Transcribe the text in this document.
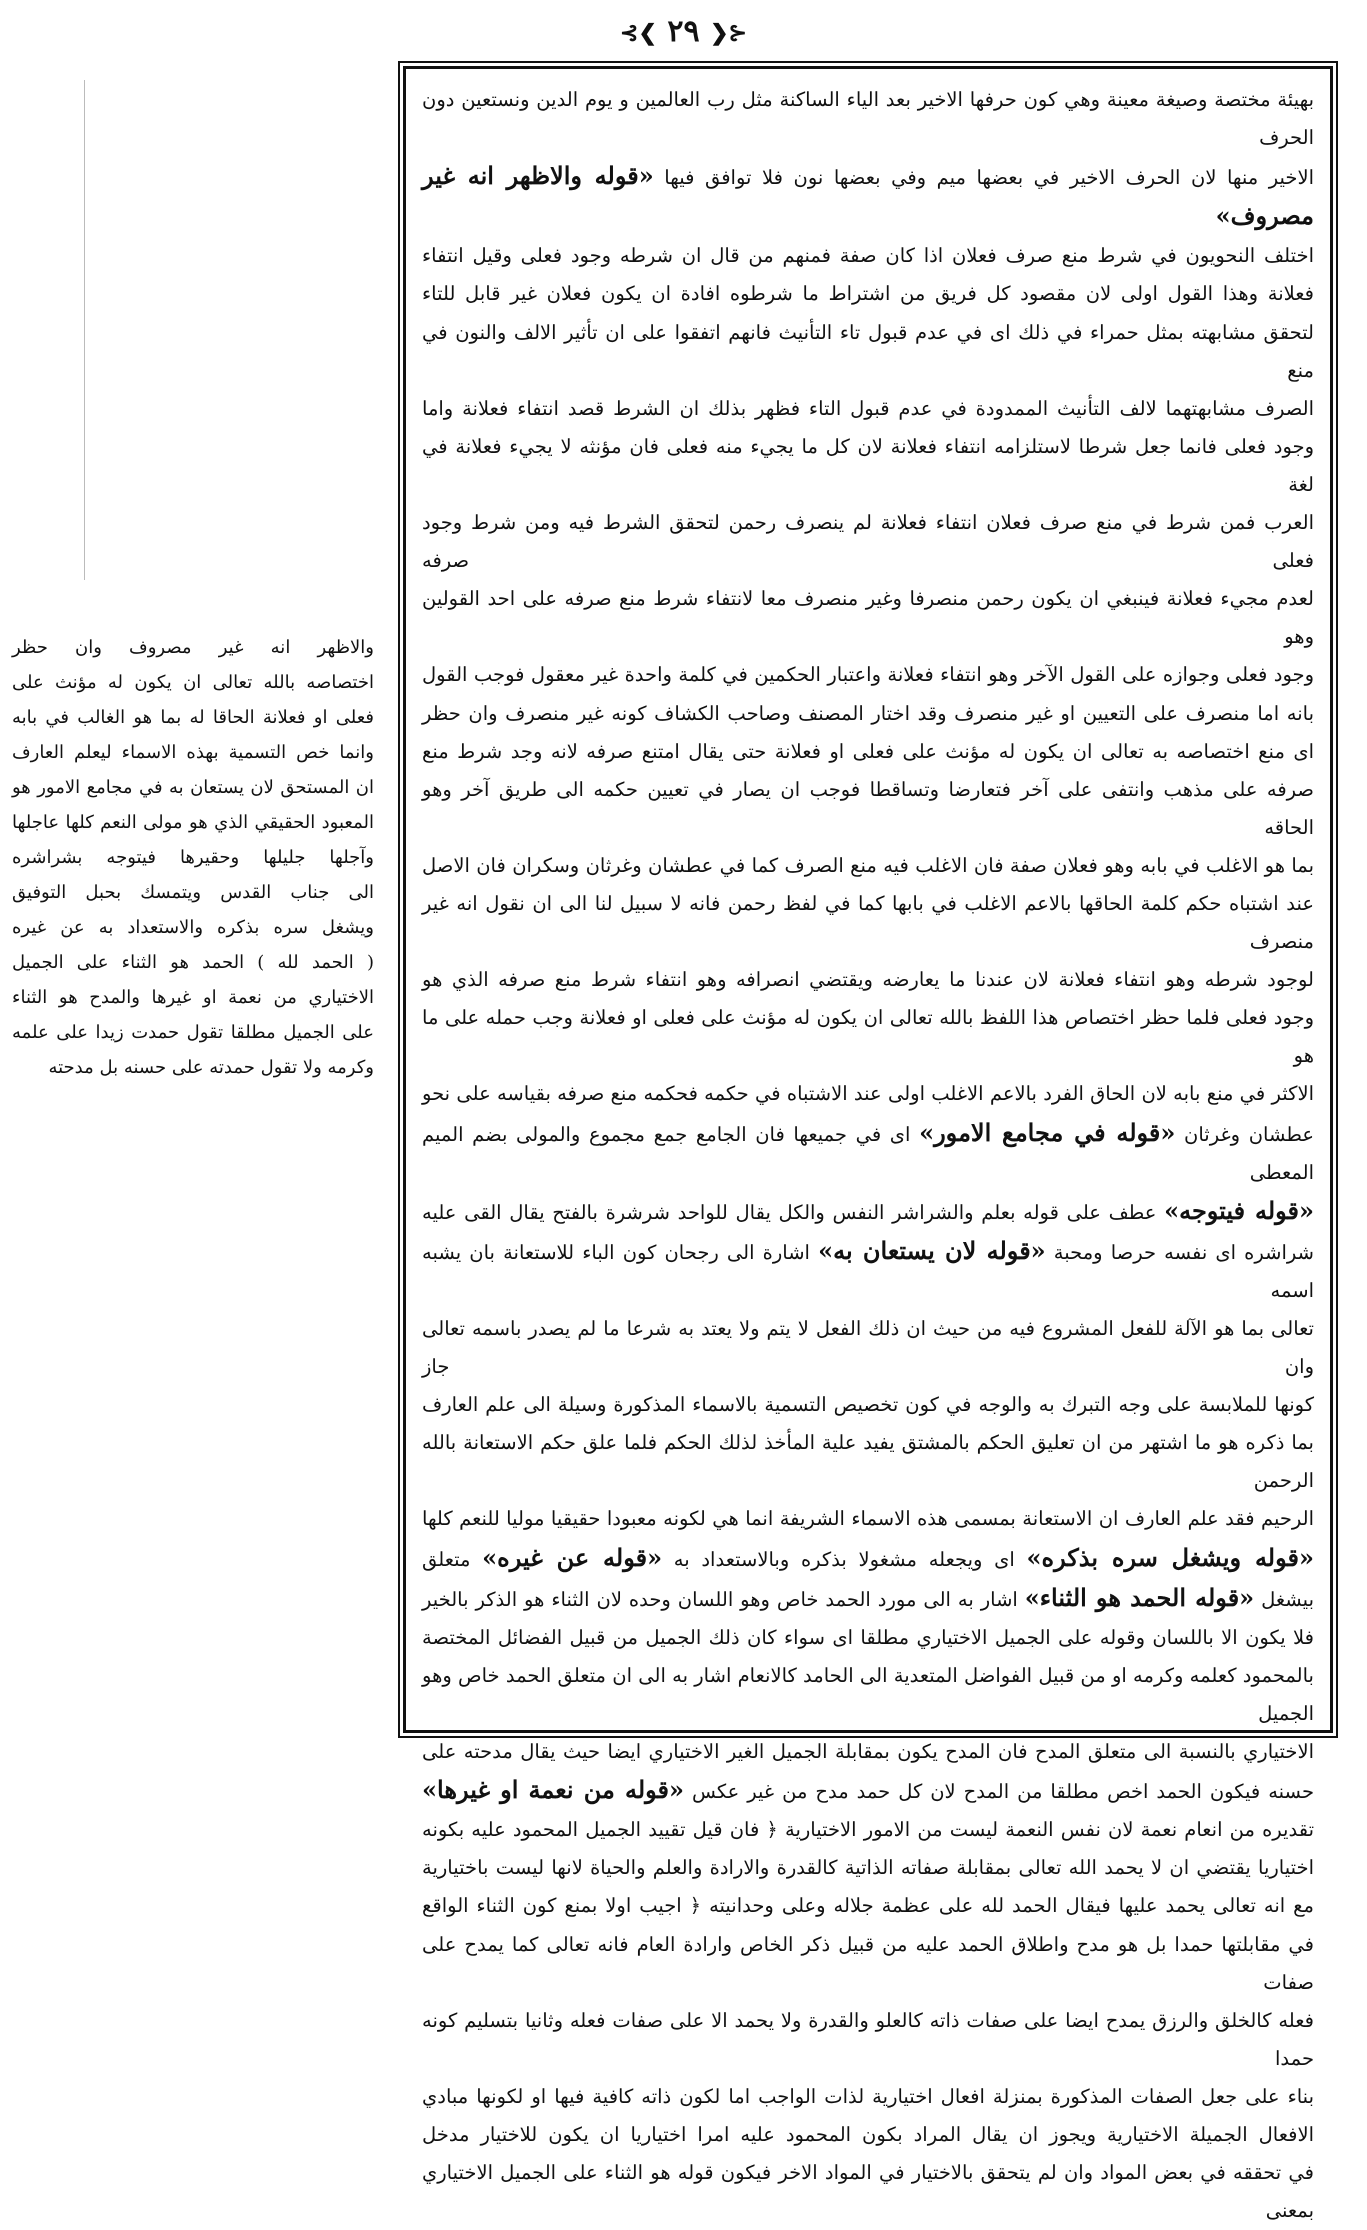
⊰❮ ٢٩ ❯⊱

بهيئة مختصة وصيغة معينة وهي كون حرفها الاخير بعد الياء الساكنة مثل رب العالمين و يوم الدين ونستعين دون الحرف

الاخير منها لان الحرف الاخير في بعضها ميم وفي بعضها نون فلا توافق فيها «قوله والاظهر انه غير مصروف»

اختلف النحويون في شرط منع صرف فعلان اذا كان صفة فمنهم من قال ان شرطه وجود فعلى وقيل انتفاء

فعلانة وهذا القول اولى لان مقصود كل فريق من اشتراط ما شرطوه افادة ان يكون فعلان غير قابل للتاء

لتحقق مشابهته بمثل حمراء في ذلك اى في عدم قبول تاء التأنيث فانهم اتفقوا على ان تأثير الالف والنون في منع

الصرف مشابهتهما لالف التأنيث الممدودة في عدم قبول التاء فظهر بذلك ان الشرط قصد انتفاء فعلانة واما

وجود فعلى فانما جعل شرطا لاستلزامه انتفاء فعلانة لان كل ما يجيء منه فعلى فان مؤنثه لا يجيء فعلانة في لغة

العرب فمن شرط في منع صرف فعلان انتفاء فعلانة لم ينصرف رحمن لتحقق الشرط فيه ومن شرط وجود فعلى صرفه

لعدم مجيء فعلانة فينبغي ان يكون رحمن منصرفا وغير منصرف معا لانتفاء شرط منع صرفه على احد القولين وهو

وجود فعلى وجوازه على القول الآخر وهو انتفاء فعلانة واعتبار الحكمين في كلمة واحدة غير معقول فوجب القول

بانه اما منصرف على التعيين او غير منصرف وقد اختار المصنف وصاحب الكشاف كونه غير منصرف وان حظر

اى منع اختصاصه به تعالى ان يكون له مؤنث على فعلى او فعلانة حتى يقال امتنع صرفه لانه وجد شرط منع

صرفه على مذهب وانتفى على آخر فتعارضا وتساقطا فوجب ان يصار في تعيين حكمه الى طريق آخر وهو الحاقه

بما هو الاغلب في بابه وهو فعلان صفة فان الاغلب فيه منع الصرف كما في عطشان وغرثان وسكران فان الاصل

عند اشتباه حكم كلمة الحاقها بالاعم الاغلب في بابها كما في لفظ رحمن فانه لا سبيل لنا الى ان نقول انه غير منصرف

لوجود شرطه وهو انتفاء فعلانة لان عندنا ما يعارضه ويقتضي انصرافه وهو انتفاء شرط منع صرفه الذي هو

وجود فعلى فلما حظر اختصاص هذا اللفظ بالله تعالى ان يكون له مؤنث على فعلى او فعلانة وجب حمله على ما هو

الاكثر في منع بابه لان الحاق الفرد بالاعم الاغلب اولى عند الاشتباه في حكمه فحكمه منع صرفه بقياسه على نحو

عطشان وغرثان «قوله في مجامع الامور» اى في جميعها فان الجامع جمع مجموع والمولى بضم الميم المعطى

«قوله فيتوجه» عطف على قوله بعلم والشراشر النفس والكل يقال للواحد شرشرة بالفتح يقال القى عليه

شراشره اى نفسه حرصا ومحبة «قوله لان يستعان به» اشارة الى رجحان كون الباء للاستعانة بان يشبه اسمه

تعالى بما هو الآلة للفعل المشروع فيه من حيث ان ذلك الفعل لا يتم ولا يعتد به شرعا ما لم يصدر باسمه تعالى وان جاز

كونها للملابسة على وجه التبرك به والوجه في كون تخصيص التسمية بالاسماء المذكورة وسيلة الى علم العارف

بما ذكره هو ما اشتهر من ان تعليق الحكم بالمشتق يفيد علية المأخذ لذلك الحكم فلما علق حكم الاستعانة بالله الرحمن

الرحيم فقد علم العارف ان الاستعانة بمسمى هذه الاسماء الشريفة انما هي لكونه معبودا حقيقيا موليا للنعم كلها

«قوله ويشغل سره بذكره» اى ويجعله مشغولا بذكره وبالاستعداد به «قوله عن غيره» متعلق

بيشغل «قوله الحمد هو الثناء» اشار به الى مورد الحمد خاص وهو اللسان وحده لان الثناء هو الذكر بالخير

فلا يكون الا باللسان وقوله على الجميل الاختياري مطلقا اى سواء كان ذلك الجميل من قبيل الفضائل المختصة

بالمحمود كعلمه وكرمه او من قبيل الفواضل المتعدية الى الحامد كالانعام اشار به الى ان متعلق الحمد خاص وهو الجميل

الاختياري بالنسبة الى متعلق المدح فان المدح يكون بمقابلة الجميل الغير الاختياري ايضا حيث يقال مدحته على

حسنه فيكون الحمد اخص مطلقا من المدح لان كل حمد مدح من غير عكس «قوله من نعمة او غيرها»

تقديره من انعام نعمة لان نفس النعمة ليست من الامور الاختيارية ﴿ فان قيل تقييد الجميل المحمود عليه بكونه

اختياريا يقتضي ان لا يحمد الله تعالى بمقابلة صفاته الذاتية كالقدرة والارادة والعلم والحياة لانها ليست باختيارية

مع انه تعالى يحمد عليها فيقال الحمد لله على عظمة جلاله وعلى وحدانيته ﴿ اجيب اولا بمنع كون الثناء الواقع

في مقابلتها حمدا بل هو مدح واطلاق الحمد عليه من قبيل ذكر الخاص وارادة العام فانه تعالى كما يمدح على صفات

فعله كالخلق والرزق يمدح ايضا على صفات ذاته كالعلو والقدرة ولا يحمد الا على صفات فعله وثانيا بتسليم كونه حمدا

بناء على جعل الصفات المذكورة بمنزلة افعال اختيارية لذات الواجب اما لكون ذاته كافية فيها او لكونها مبادي

الافعال الجميلة الاختيارية ويجوز ان يقال المراد بكون المحمود عليه امرا اختياريا ان يكون للاختيار مدخل

في تحققه في بعض المواد وان لم يتحقق بالاختيار في المواد الاخر فيكون قوله هو الثناء على الجميل الاختياري بمعنى

والاظهر انه غير مصروف وان حظر

اختصاصه بالله تعالى ان يكون له مؤنث على

فعلى او فعلانة الحاقا له بما هو الغالب في بابه

وانما خص التسمية بهذه الاسماء ليعلم العارف

ان المستحق لان يستعان به في مجامع الامور هو

المعبود الحقيقي الذي هو مولى النعم كلها عاجلها

وآجلها جليلها وحقيرها فيتوجه بشراشره

الى جناب القدس ويتمسك بحبل التوفيق

ويشغل سره بذكره والاستعداد به عن غيره

( الحمد لله ) الحمد هو الثناء على الجميل

الاختياري من نعمة او غيرها والمدح هو الثناء

على الجميل مطلقا تقول حمدت زيدا على علمه

وكرمه ولا تقول حمدته على حسنه بل مدحته
